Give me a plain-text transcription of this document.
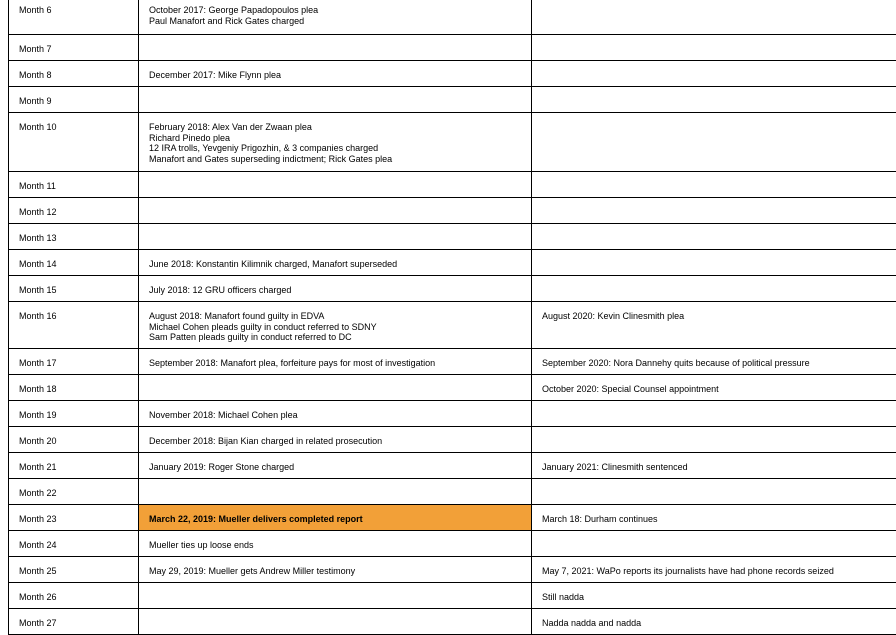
Month 6	October 2017: George Papadopoulos plea
Paul Manafort and Rick Gates charged	

Month 7		
Month 8	December 2017: Mike Flynn plea	

Month 9		
Month 10	February 2018: Alex Van der Zwaan plea
Richard Pinedo plea
12 IRA trolls, Yevgeniy Prigozhin, & 3 companies charged
Manafort and Gates superseding indictment; Rick Gates plea	

Month 11		
Month 12		
Month 13		
Month 14	June 2018: Konstantin Kilimnik charged, Manafort superseded	

Month 15	July 2018: 12 GRU officers charged	

Month 16	August 2018: Manafort found guilty in EDVA
Michael Cohen pleads guilty in conduct referred to SDNY
Sam Patten pleads guilty in conduct referred to DC	August 2020: Kevin Clinesmith plea

Month 17	September 2018: Manafort plea, forfeiture pays for most of investigation	September 2020: Nora Dannehy quits because of political pressure

Month 18		October 2020: Special Counsel appointment

Month 19	November 2018: Michael Cohen plea	

Month 20	December 2018: Bijan Kian charged in related prosecution	

Month 21	January 2019: Roger Stone charged	January 2021: Clinesmith sentenced

Month 22		
Month 23	March 22, 2019: Mueller delivers completed report	March 18: Durham continues

Month 24	Mueller ties up loose ends	

Month 25	May 29, 2019: Mueller gets Andrew Miller testimony	May 7, 2021: WaPo reports its journalists have had phone records seized

Month 26		Still nadda

Month 27		Nadda nadda and nadda
